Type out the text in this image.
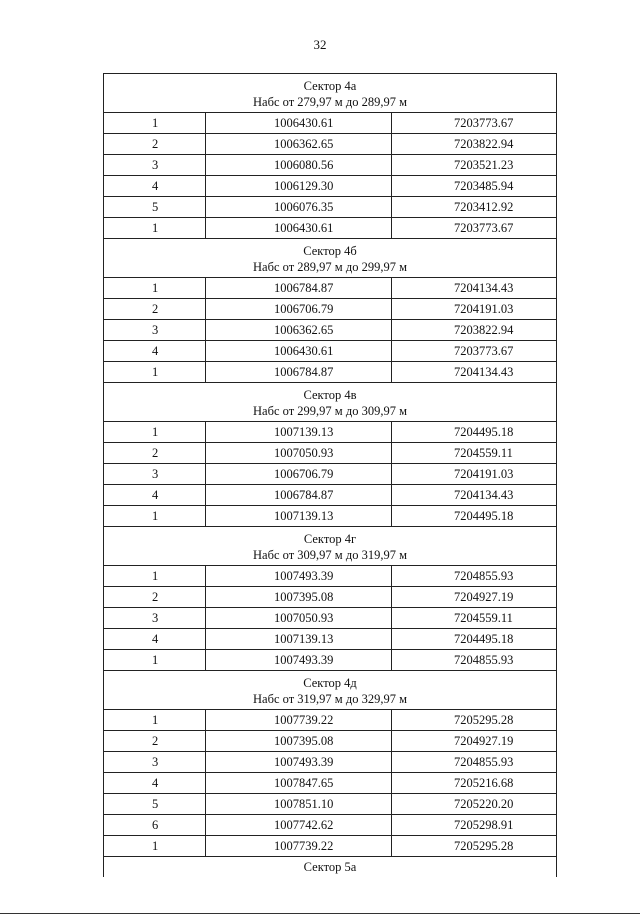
32
Сектор 4а
Набс от 279,97 м до 289,97 м		

1	1006430.61	7203773.67
2	1006362.65	7203822.94
3	1006080.56	7203521.23
4	1006129.30	7203485.94
5	1006076.35	7203412.92
1	1006430.61	7203773.67

Сектор 4б
Набс от 289,97 м до 299,97 м		

1	1006784.87	7204134.43
2	1006706.79	7204191.03
3	1006362.65	7203822.94
4	1006430.61	7203773.67
1	1006784.87	7204134.43

Сектор 4в
Набс от 299,97 м до 309,97 м		

1	1007139.13	7204495.18
2	1007050.93	7204559.11
3	1006706.79	7204191.03
4	1006784.87	7204134.43
1	1007139.13	7204495.18

Сектор 4г
Набс от 309,97 м до 319,97 м		

1	1007493.39	7204855.93
2	1007395.08	7204927.19
3	1007050.93	7204559.11
4	1007139.13	7204495.18
1	1007493.39	7204855.93

Сектор 4д
Набс от 319,97 м до 329,97 м		

1	1007739.22	7205295.28
2	1007395.08	7204927.19
3	1007493.39	7204855.93
4	1007847.65	7205216.68
5	1007851.10	7205220.20
6	1007742.62	7205298.91
1	1007739.22	7205295.28
Сектор 5а		
